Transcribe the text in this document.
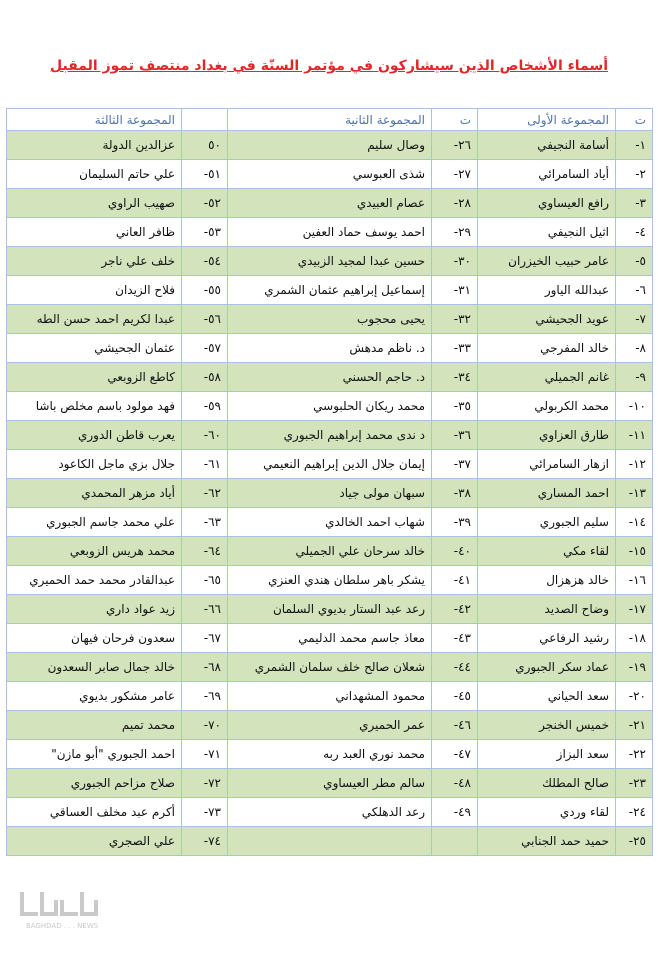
أسماء الأشخاص الذين سيشاركون في مؤتمر السنّة في بغداد منتصف تموز المقبل
ت	المجموعة الأولى	ت	المجموعة الثانية		المجموعة الثالثة
١-	أسامة النجيفي	٢٦-	وصال سليم	٥٠	عزالدين الدولة
٢-	أياد السامرائي	٢٧-	شذى العبوسي	٥١-	علي حاتم السليمان
٣-	رافع العيساوي	٢٨-	عصام العبيدي	٥٢-	صهيب الراوي
٤-	اثيل النجيفي	٢٩-	احمد يوسف حماد العفين	٥٣-	ظافر العاني
٥-	عامر حبيب الخيزران	٣٠-	حسين عبدا لمجيد الزبيدي	٥٤-	خلف علي ناجر
٦-	عبدالله الياور	٣١-	إسماعيل إبراهيم عثمان الشمري	٥٥-	فلاح الزيدان
٧-	عويد الجحيشي	٣٢-	يحيى محجوب	٥٦-	عبدا لكريم احمد حسن الطه
٨-	خالد المفرجي	٣٣-	د. ناظم مدهش	٥٧-	عثمان الجحيشي
٩-	غانم الجميلي	٣٤-	د. حاجم الحسني	٥٨-	كاطع الزوبعي
١٠-	محمد الكربولي	٣٥-	محمد ريكان الحلبوسي	٥٩-	فهد مولود باسم مخلص باشا
١١-	طارق العزاوي	٣٦-	د ندى محمد إبراهيم الجبوري	٦٠-	يعرب قاطن الدوري
١٢-	ازهار السامرائي	٣٧-	إيمان جلال الدين إبراهيم النعيمي	٦١-	جلال بزي ماجل الكاعود
١٣-	احمد المساري	٣٨-	سبهان مولى جياد	٦٢-	أياد مزهر المحمدي
١٤-	سليم الجبوري	٣٩-	شهاب احمد الخالدي	٦٣-	علي محمد جاسم الجبوري
١٥-	لقاء مكي	٤٠-	خالد سرحان علي الجميلي	٦٤-	محمد هريس الزوبعي
١٦-	خالد هزهزال	٤١-	يشكر باهر سلطان هندي العنزي	٦٥-	عبدالقادر محمد حمد الحميري
١٧-	وضاح الصديد	٤٢-	رعد عبد الستار بديوي السلمان	٦٦-	زيد عواد داري
١٨-	رشيد الرفاعي	٤٣-	معاذ جاسم محمد الدليمي	٦٧-	سعدون فرحان فيهان
١٩-	عماد سكر الجبوري	٤٤-	شعلان صالح خلف سلمان الشمري	٦٨-	خالد جمال صابر السعدون
٢٠-	سعد الحياني	٤٥-	محمود المشهداني	٦٩-	عامر مشكور بديوي
٢١-	خميس الخنجر	٤٦-	عمر الحميري	٧٠-	محمد تميم
٢٢-	سعد البزاز	٤٧-	محمد نوري العبد ربه	٧١-	احمد الجبوري "أبو مازن"
٢٣-	صالح المطلك	٤٨-	سالم مطر العيساوي	٧٢-	صلاح مزاحم الجبوري
٢٤-	لقاء وردي	٤٩-	رعد الدهلكي	٧٣-	أكرم عبد مخلف العساقي
٢٥-	حميد حمد الجنابي			٧٤-	علي الصجري
BAGHDAD . . . NEWS
